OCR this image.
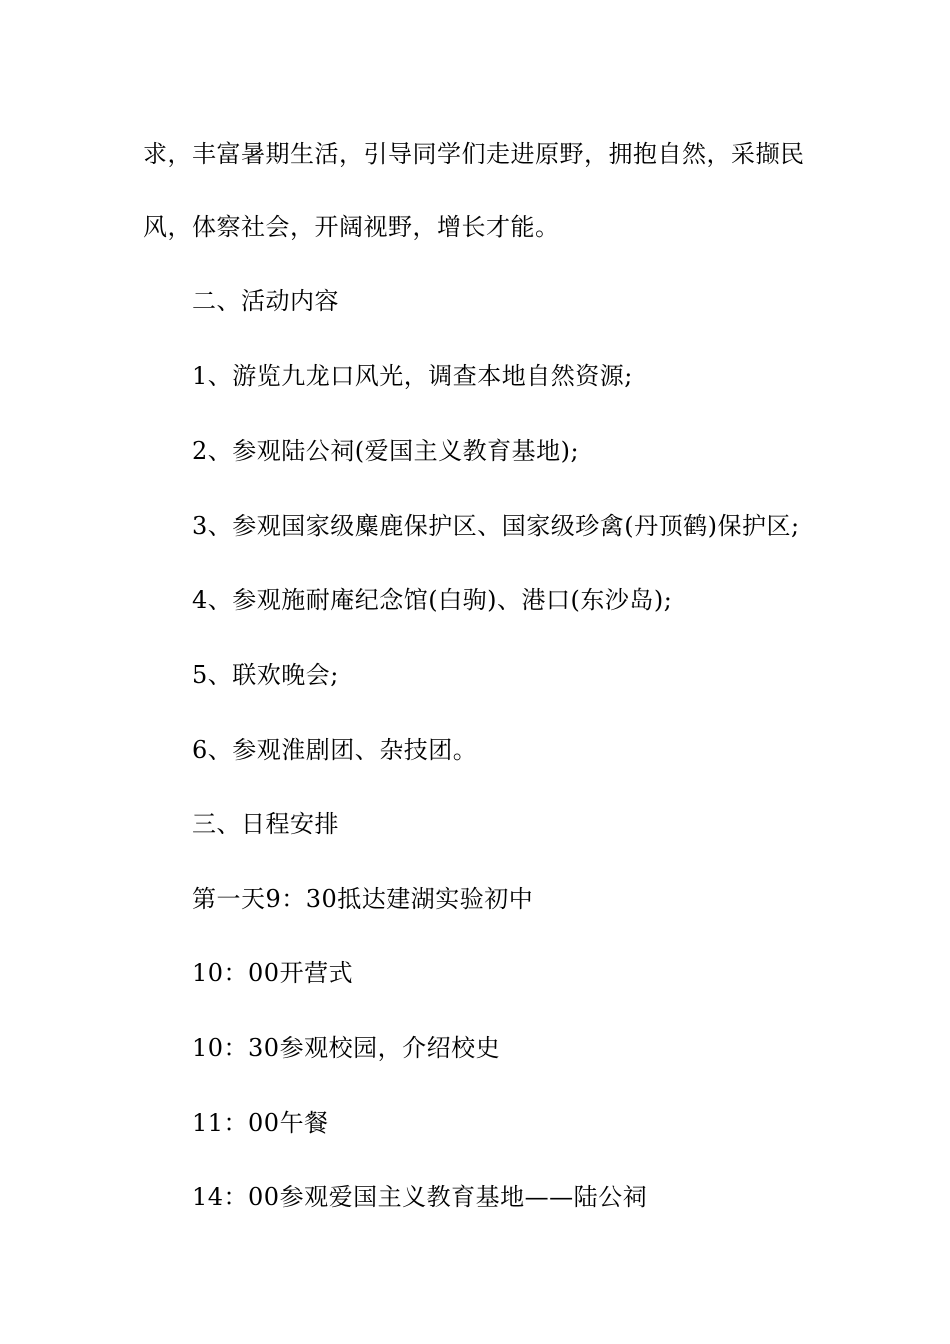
求，丰富暑期生活，引导同学们走进原野，拥抱自然，采撷民
风，体察社会，开阔视野，增长才能。
二、活动内容
1、游览九龙口风光，调查本地自然资源;
2、参观陆公祠(爱国主义教育基地);
3、参观国家级麋鹿保护区、国家级珍禽(丹顶鹤)保护区;
4、参观施耐庵纪念馆(白驹)、港口(东沙岛);
5、联欢晚会;
6、参观淮剧团、杂技团。
三、日程安排
第一天9：30抵达建湖实验初中
10：00开营式
10：30参观校园，介绍校史
11：00午餐
14：00参观爱国主义教育基地——陆公祠
